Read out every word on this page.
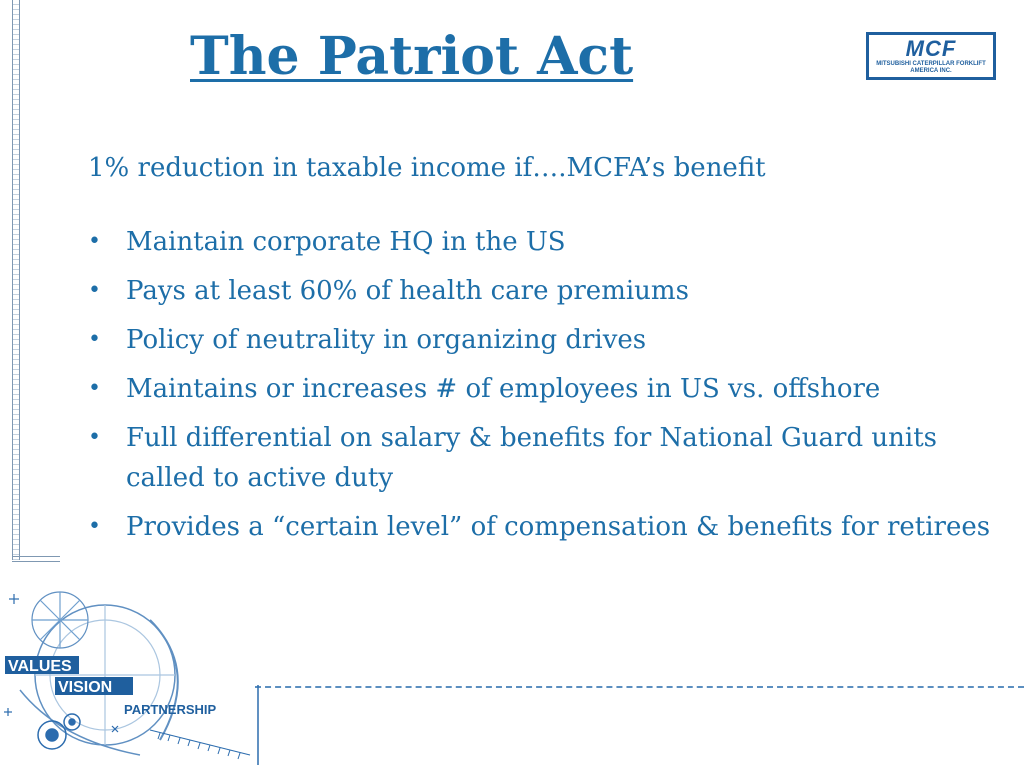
The Patriot Act	MCF
MITSUBISHI CATERPILLAR FORKLIFT AMERICA INC.
1% reduction in taxable income if….MCFA’s benefit
• Maintain corporate HQ in the US
• Pays at least 60% of health care premiums
• Policy of neutrality in organizing drives
• Maintains or increases # of employees in US vs. offshore
• Full differential on salary & benefits for National Guard units called to active duty
• Provides a “certain level” of compensation & benefits for retirees
VALUES
VISION
PARTNERSHIP
